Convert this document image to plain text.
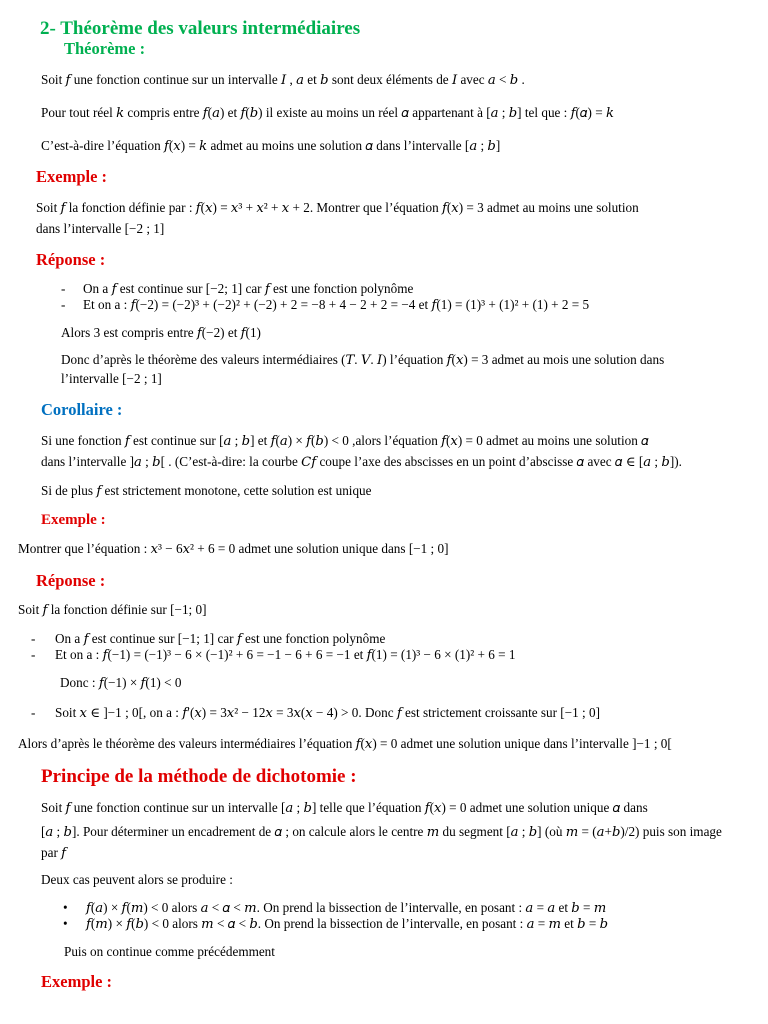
2- Théorème des valeurs intermédiaires
Théorème :
Soit 𝑓 une fonction continue sur un intervalle 𝐼 , 𝑎 et 𝑏 sont deux éléments de 𝐼 avec 𝑎 < 𝑏 .
Pour tout réel 𝑘 compris entre 𝑓(𝑎) et 𝑓(𝑏) il existe au moins un réel 𝛼 appartenant à [𝑎 ; 𝑏] tel que : 𝑓(𝛼) = 𝑘
C’est-à-dire l’équation 𝑓(𝑥) = 𝑘 admet au moins une solution 𝛼 dans l’intervalle [𝑎 ; 𝑏]
Exemple :
Soit 𝑓 la fonction définie par : 𝑓(𝑥) = 𝑥³ + 𝑥² + 𝑥 + 2. Montrer que l’équation 𝑓(𝑥) = 3 admet au moins une solution
dans l’intervalle [−2 ; 1]
Réponse :
- On a 𝑓 est continue sur [−2; 1] car 𝑓 est une fonction polynôme
- Et on a : 𝑓(−2) = (−2)³ + (−2)² + (−2) + 2 = −8 + 4 − 2 + 2 = −4 et 𝑓(1) = (1)³ + (1)² + (1) + 2 = 5
Alors 3 est compris entre 𝑓(−2) et 𝑓(1)
Donc d’après le théorème des valeurs intermédiaires (𝑇. 𝑉. 𝐼) l’équation 𝑓(𝑥) = 3 admet au mois une solution dans
l’intervalle [−2 ; 1]
Corollaire :
Si une fonction 𝑓 est continue sur [𝑎 ; 𝑏] et 𝑓(𝑎) × 𝑓(𝑏) < 0 ,alors l’équation 𝑓(𝑥) = 0 admet au moins une solution 𝛼
dans l’intervalle ]𝑎 ; 𝑏[ . (C’est-à-dire: la courbe 𝐶𝑓 coupe l’axe des abscisses en un point d’abscisse 𝛼 avec 𝛼 ∈ [𝑎 ; 𝑏]).
Si de plus 𝑓 est strictement monotone, cette solution est unique
Exemple :
Montrer que l’équation : 𝑥³ − 6𝑥² + 6 = 0 admet une solution unique dans [−1 ; 0]
Réponse :
Soit 𝑓 la fonction définie sur [−1; 0]
- On a 𝑓 est continue sur [−1; 1] car 𝑓 est une fonction polynôme
- Et on a : 𝑓(−1) = (−1)³ − 6 × (−1)² + 6 = −1 − 6 + 6 = −1 et 𝑓(1) = (1)³ − 6 × (1)² + 6 = 1
Donc : 𝑓(−1) × 𝑓(1) < 0
- Soit 𝑥 ∈ ]−1 ; 0[, on a : 𝑓′(𝑥) = 3𝑥² − 12𝑥 = 3𝑥(𝑥 − 4) > 0. Donc 𝑓 est strictement croissante sur [−1 ; 0]
Alors d’après le théorème des valeurs intermédiaires l’équation 𝑓(𝑥) = 0 admet une solution unique dans l’intervalle ]−1 ; 0[
Principe de la méthode de dichotomie :
Soit 𝑓 une fonction continue sur un intervalle [𝑎 ; 𝑏] telle que l’équation 𝑓(𝑥) = 0 admet une solution unique 𝛼 dans
[𝑎 ; 𝑏]. Pour déterminer un encadrement de 𝛼 ; on calcule alors le centre 𝑚 du segment [𝑎 ; 𝑏] (où 𝑚 = (𝑎+𝑏)/2) puis son image
par 𝑓
Deux cas peuvent alors se produire :
• 𝑓(𝑎) × 𝑓(𝑚) < 0 alors 𝑎 < 𝛼 < 𝑚. On prend la bissection de l’intervalle, en posant : 𝑎 = 𝑎 et 𝑏 = 𝑚
• 𝑓(𝑚) × 𝑓(𝑏) < 0 alors 𝑚 < 𝛼 < 𝑏. On prend la bissection de l’intervalle, en posant : 𝑎 = 𝑚 et 𝑏 = 𝑏
Puis on continue comme précédemment
Exemple :
